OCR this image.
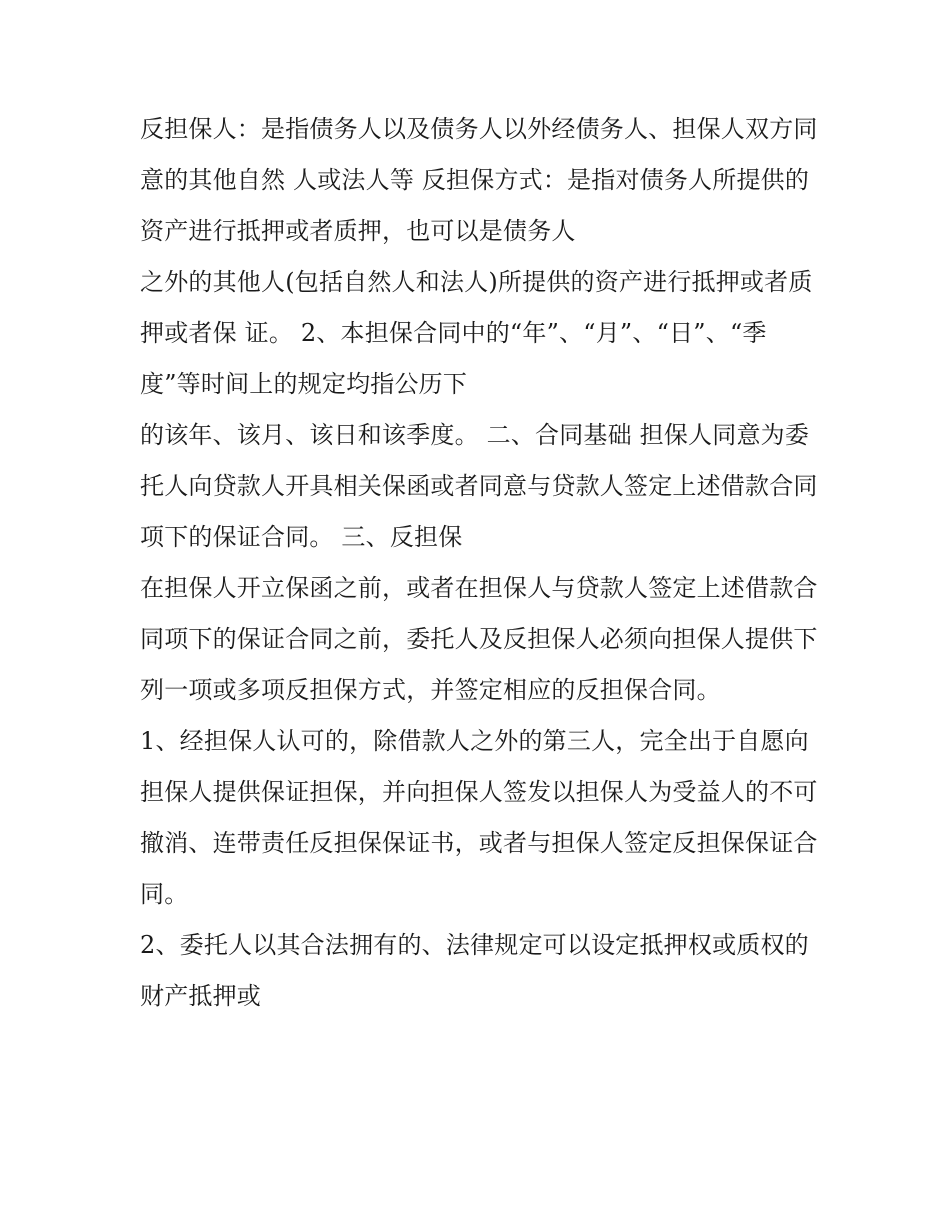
反担保人：是指债务人以及债务人以外经债务人、担保人双方同意的其他自然 人或法人等 反担保方式：是指对债务人所提供的资产进行抵押或者质押，也可以是债务人

之外的其他人(包括自然人和法人)所提供的资产进行抵押或者质押或者保 证。 2、本担保合同中的“年”、“月”、“日”、“季度”等时间上的规定均指公历下

的该年、该月、该日和该季度。 二、合同基础 担保人同意为委托人向贷款人开具相关保函或者同意与贷款人签定上述借款合同项下的保证合同。 三、反担保

在担保人开立保函之前，或者在担保人与贷款人签定上述借款合同项下的保证合同之前，委托人及反担保人必须向担保人提供下列一项或多项反担保方式，并签定相应的反担保合同。

1、经担保人认可的，除借款人之外的第三人，完全出于自愿向担保人提供保证担保，并向担保人签发以担保人为受益人的不可撤消、连带责任反担保保证书，或者与担保人签定反担保保证合同。

2、委托人以其合法拥有的、法律规定可以设定抵押权或质权的财产抵押或
